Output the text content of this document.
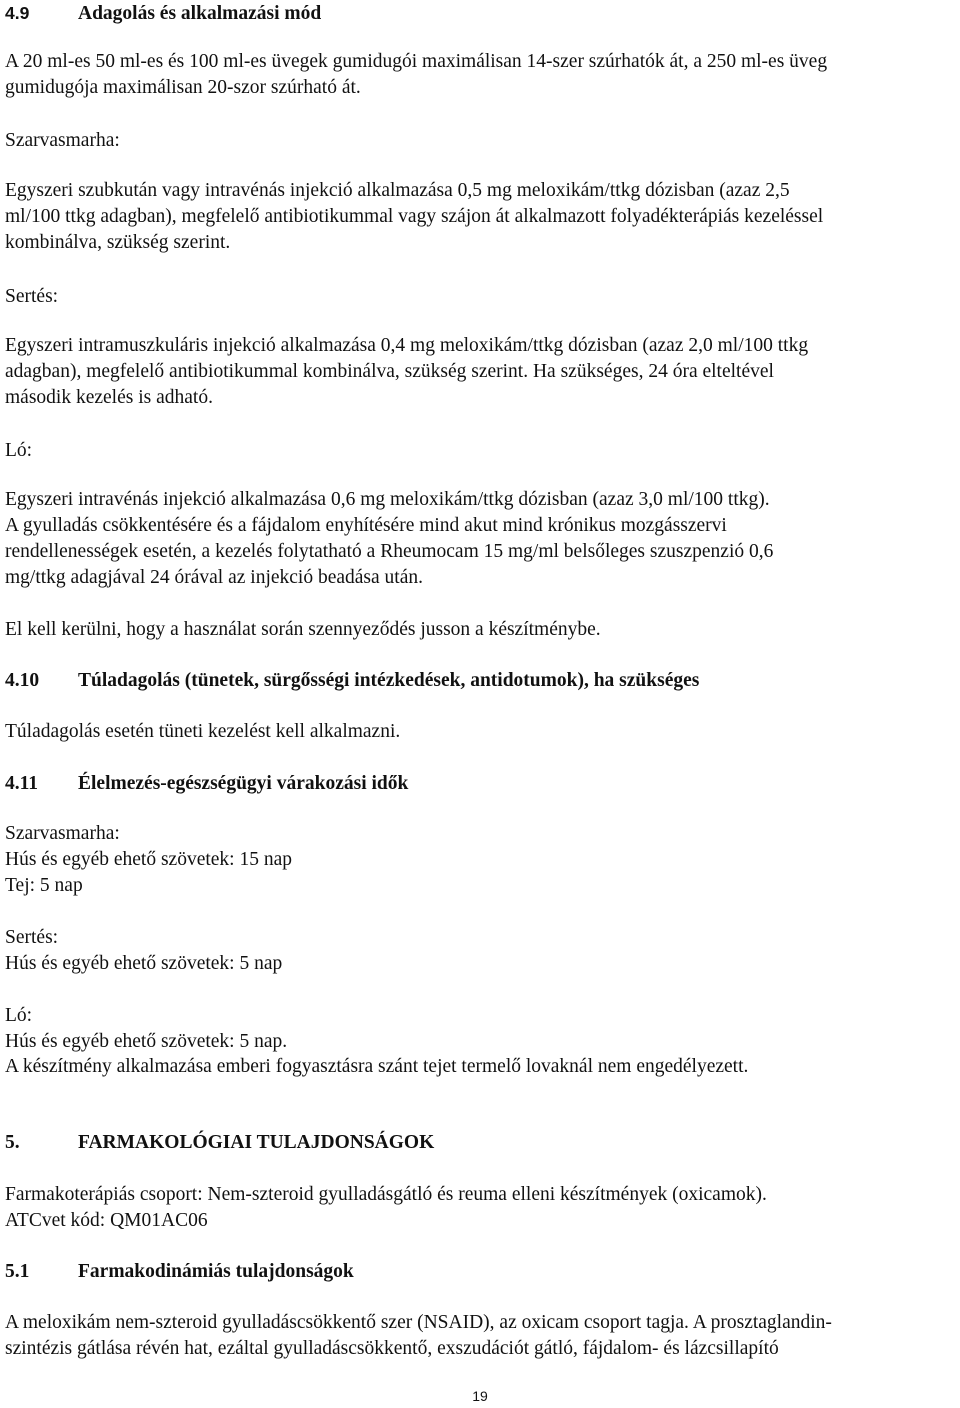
4.9 Adagolás és alkalmazási mód
A 20 ml-es 50 ml-es és 100 ml-es üvegek gumidugói maximálisan 14-szer szúrhatók át, a 250 ml-es üveg
gumidugója maximálisan 20-szor szúrható át.
Szarvasmarha:
Egyszeri szubkután vagy intravénás injekció alkalmazása 0,5 mg meloxikám/ttkg dózisban (azaz 2,5
ml/100 ttkg adagban), megfelelő antibiotikummal vagy szájon át alkalmazott folyadékterápiás kezeléssel
kombinálva, szükség szerint.
Sertés:
Egyszeri intramuszkuláris injekció alkalmazása 0,4 mg meloxikám/ttkg dózisban (azaz 2,0 ml/100 ttkg
adagban), megfelelő antibiotikummal kombinálva, szükség szerint. Ha szükséges, 24 óra elteltével
második kezelés is adható.
Ló:
Egyszeri intravénás injekció alkalmazása 0,6 mg meloxikám/ttkg dózisban (azaz 3,0 ml/100 ttkg).
A gyulladás csökkentésére és a fájdalom enyhítésére mind akut mind krónikus mozgásszervi
rendellenességek esetén, a kezelés folytatható a Rheumocam 15 mg/ml belsőleges szuszpenzió 0,6
mg/ttkg adagjával 24 órával az injekció beadása után.
El kell kerülni, hogy a használat során szennyeződés jusson a készítménybe.
4.10 Túladagolás (tünetek, sürgősségi intézkedések, antidotumok), ha szükséges
Túladagolás esetén tüneti kezelést kell alkalmazni.
4.11 Élelmezés-egészségügyi várakozási idők
Szarvasmarha:
Hús és egyéb ehető szövetek: 15 nap
Tej: 5 nap
Sertés:
Hús és egyéb ehető szövetek: 5 nap
Ló:
Hús és egyéb ehető szövetek: 5 nap.
A készítmény alkalmazása emberi fogyasztásra szánt tejet termelő lovaknál nem engedélyezett.
5.	FARMAKOLÓGIAI TULAJDONSÁGOK
Farmakoterápiás csoport: Nem-szteroid gyulladásgátló és reuma elleni készítmények (oxicamok).
ATCvet kód: QM01AC06
5.1 Farmakodinámiás tulajdonságok
A meloxikám nem-szteroid gyulladáscsökkentő szer (NSAID), az oxicam csoport tagja. A prosztaglandin-
szintézis gátlása révén hat, ezáltal gyulladáscsökkentő, exszudációt gátló, fájdalom- és lázcsillapító
19
